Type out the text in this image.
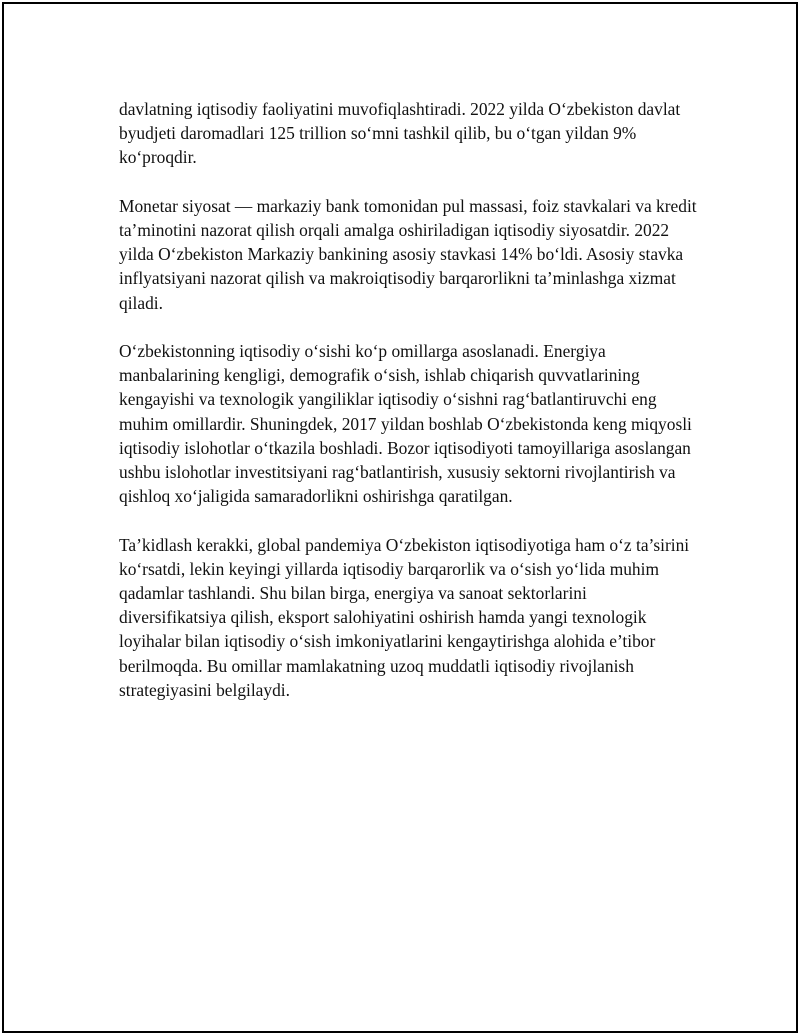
davlatning iqtisodiy faoliyatini muvofiqlashtiradi. 2022 yilda O‘zbekiston davlat byudjeti daromadlari 125 trillion so‘mni tashkil qilib, bu o‘tgan yildan 9% ko‘proqdir.

Monetar siyosat — markaziy bank tomonidan pul massasi, foiz stavkalari va kredit ta’minotini nazorat qilish orqali amalga oshiriladigan iqtisodiy siyosatdir. 2022 yilda O‘zbekiston Markaziy bankining asosiy stavkasi 14% bo‘ldi. Asosiy stavka inflyatsiyani nazorat qilish va makroiqtisodiy barqarorlikni ta’minlashga xizmat qiladi.

O‘zbekistonning iqtisodiy o‘sishi ko‘p omillarga asoslanadi. Energiya manbalarining kengligi, demografik o‘sish, ishlab chiqarish quvvatlarining kengayishi va texnologik yangiliklar iqtisodiy o‘sishni rag‘batlantiruvchi eng muhim omillardir. Shuningdek, 2017 yildan boshlab O‘zbekistonda keng miqyosli iqtisodiy islohotlar o‘tkazila boshladi. Bozor iqtisodiyoti tamoyillariga asoslangan ushbu islohotlar investitsiyani rag‘batlantirish, xususiy sektorni rivojlantirish va qishloq xo‘jaligida samaradorlikni oshirishga qaratilgan.

Ta’kidlash kerakki, global pandemiya O‘zbekiston iqtisodiyotiga ham o‘z ta’sirini ko‘rsatdi, lekin keyingi yillarda iqtisodiy barqarorlik va o‘sish yo‘lida muhim qadamlar tashlandi. Shu bilan birga, energiya va sanoat sektorlarini diversifikatsiya qilish, eksport salohiyatini oshirish hamda yangi texnologik loyihalar bilan iqtisodiy o‘sish imkoniyatlarini kengaytirishga alohida e’tibor berilmoqda. Bu omillar mamlakatning uzoq muddatli iqtisodiy rivojlanish strategiyasini belgilaydi.
